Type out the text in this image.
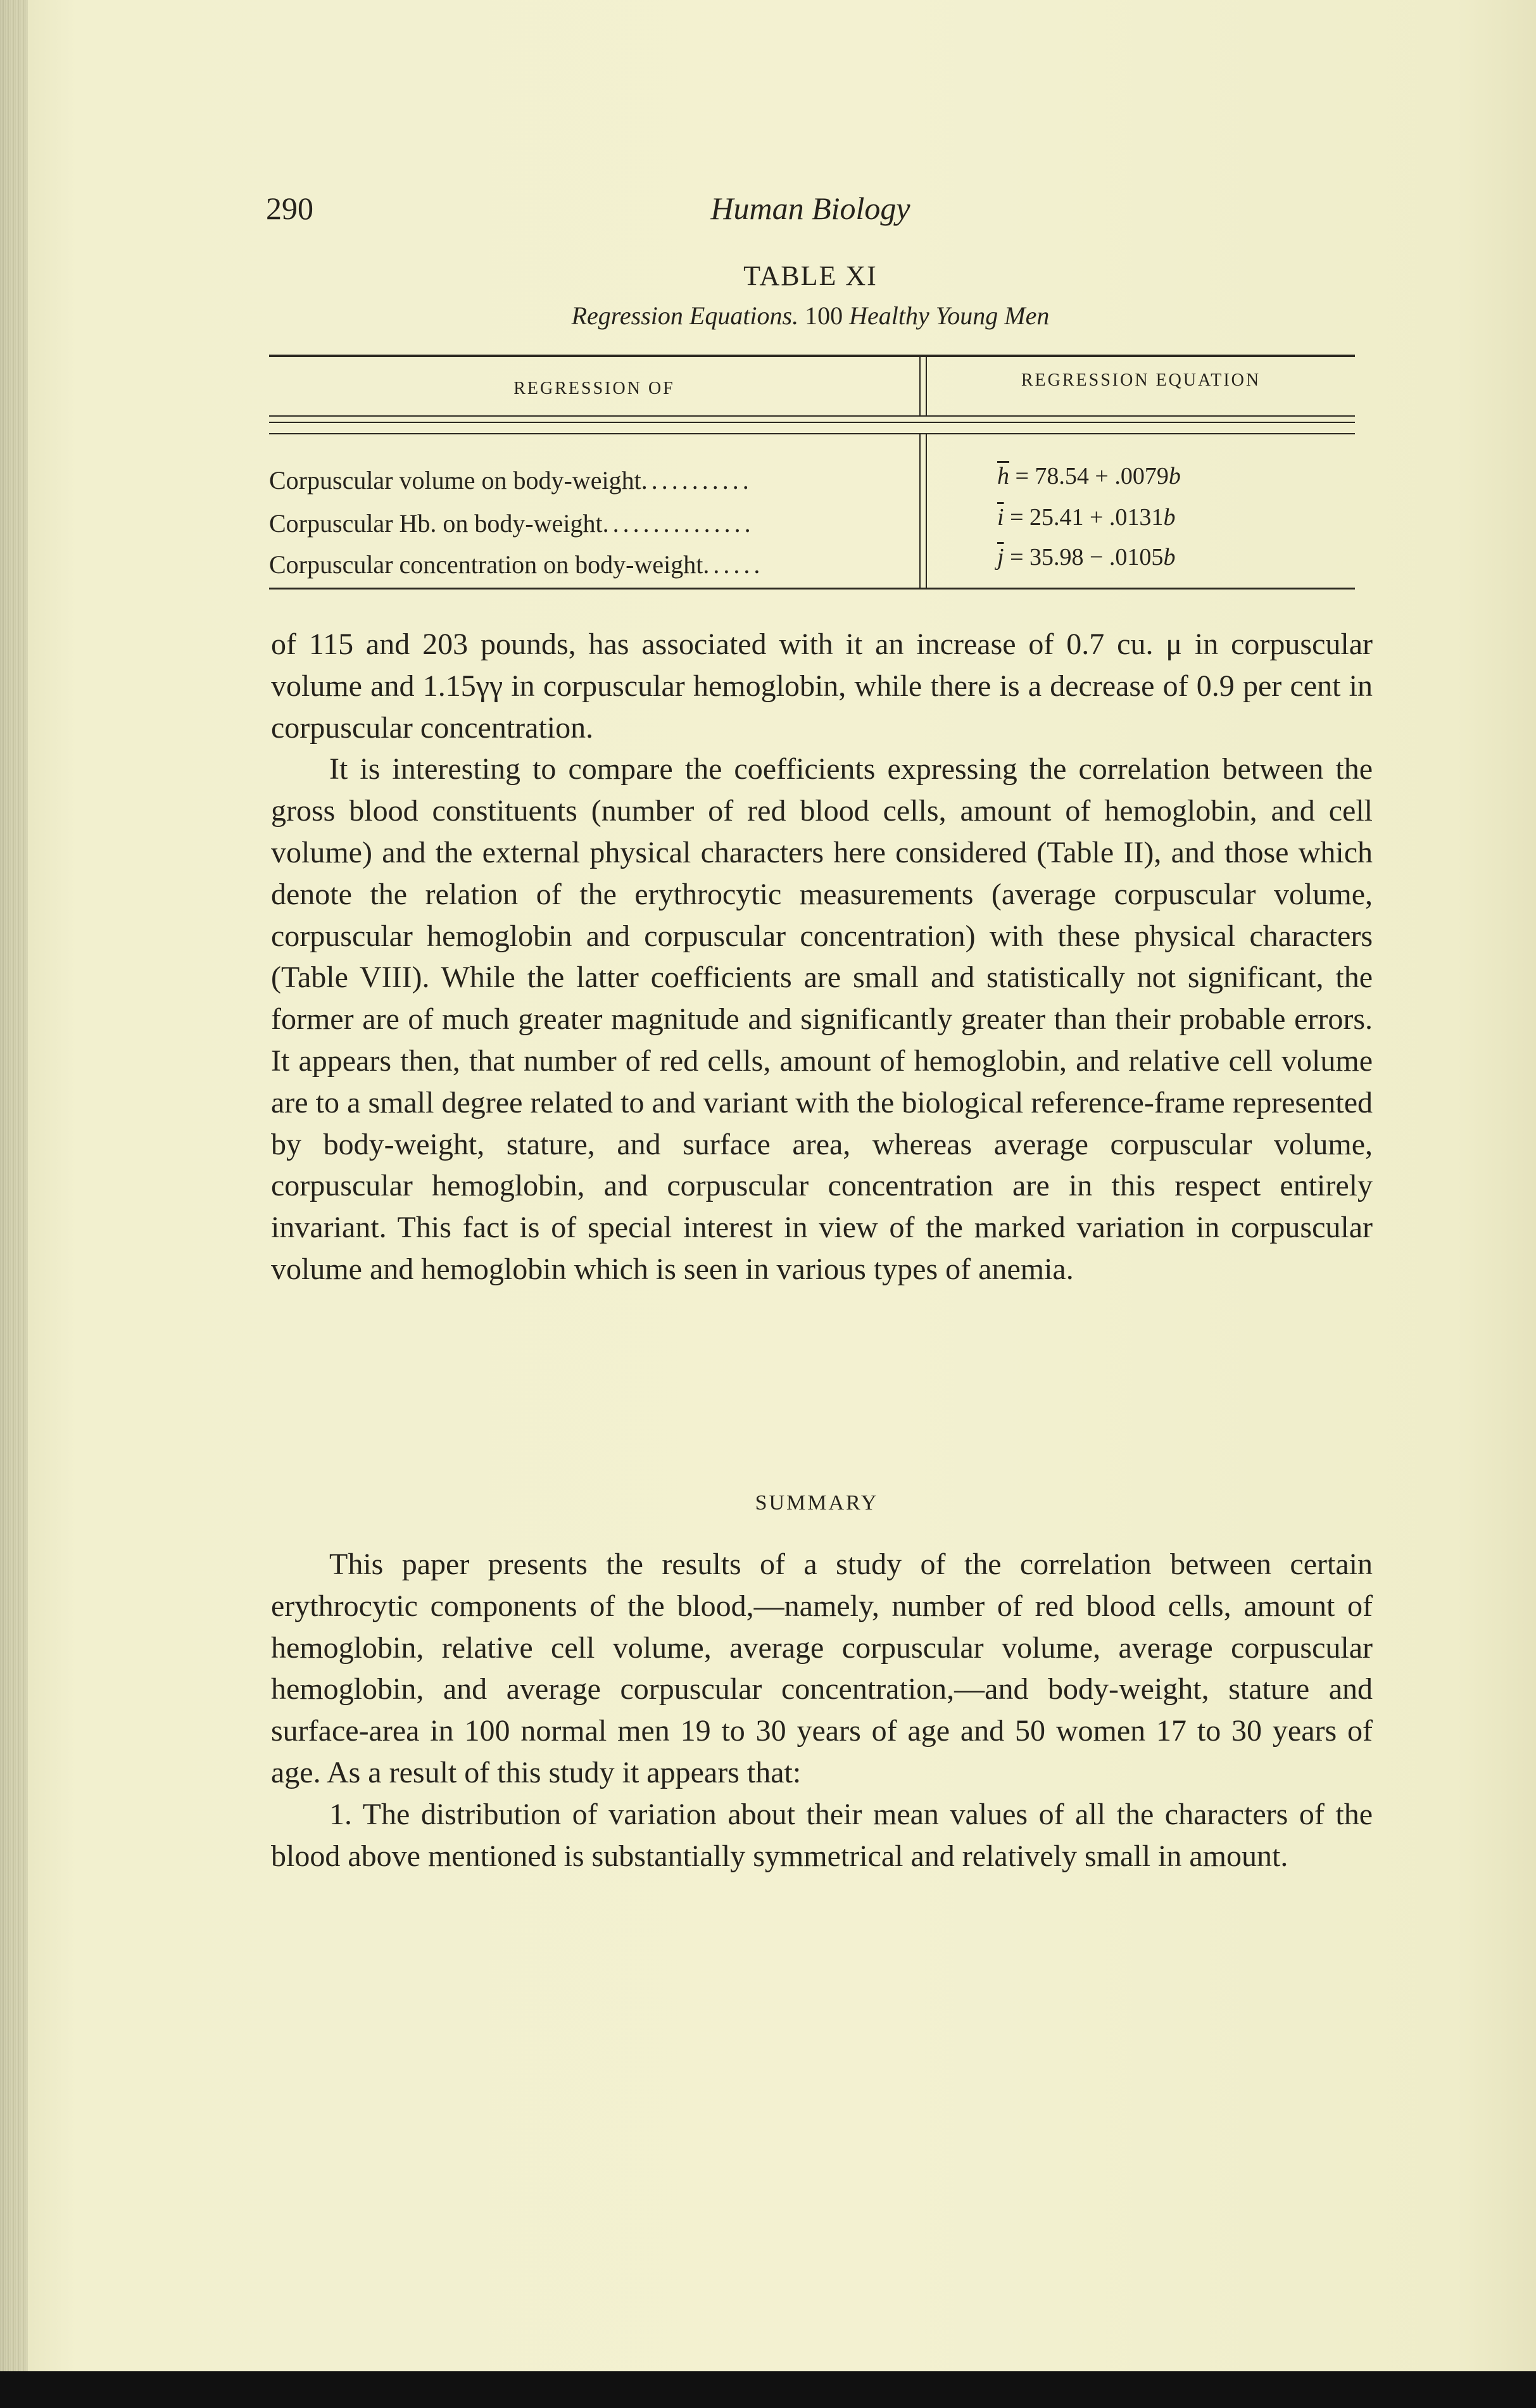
290	Human Biology
TABLE XI
Regression Equations. 100 Healthy Young Men
REGRESSION OF	REGRESSION EQUATION
Corpuscular volume on body-weight...........
Corpuscular Hb. on body-weight...............
Corpuscular concentration on body-weight......
$\overline{h} = 78.54 + .0079b$
$\overline{i} = 25.41 + .0131b$
$\overline{j} = 35.98 - .0105b$

of 115 and 203 pounds, has associated with it an increase of 0.7 cu. μ in corpuscular volume and 1.15γγ in corpuscular hemoglobin, while there is a decrease of 0.9 per cent in corpuscular concentration.

It is interesting to compare the coefficients expressing the correlation between the gross blood constituents (number of red blood cells, amount of hemoglobin, and cell volume) and the external physical characters here considered (Table II), and those which denote the relation of the erythrocytic measurements (average corpuscular volume, corpuscular hemoglobin and corpuscular concentration) with these physical characters (Table VIII). While the latter coefficients are small and statistically not significant, the former are of much greater magnitude and significantly greater than their probable errors. It appears then, that number of red cells, amount of hemoglobin, and relative cell volume are to a small degree related to and variant with the biological reference-frame represented by body-weight, stature, and surface area, whereas average corpuscular volume, corpuscular hemoglobin, and corpuscular concentration are in this respect entirely invariant. This fact is of special interest in view of the marked variation in corpuscular volume and hemoglobin which is seen in various types of anemia.

SUMMARY

This paper presents the results of a study of the correlation between certain erythrocytic components of the blood,—namely, number of red blood cells, amount of hemoglobin, relative cell volume, average corpuscular volume, average corpuscular hemoglobin, and average corpuscular concentration,—and body-weight, stature and surface-area in 100 normal men 19 to 30 years of age and 50 women 17 to 30 years of age. As a result of this study it appears that:

1. The distribution of variation about their mean values of all the characters of the blood above mentioned is substantially symmetrical and relatively small in amount.
